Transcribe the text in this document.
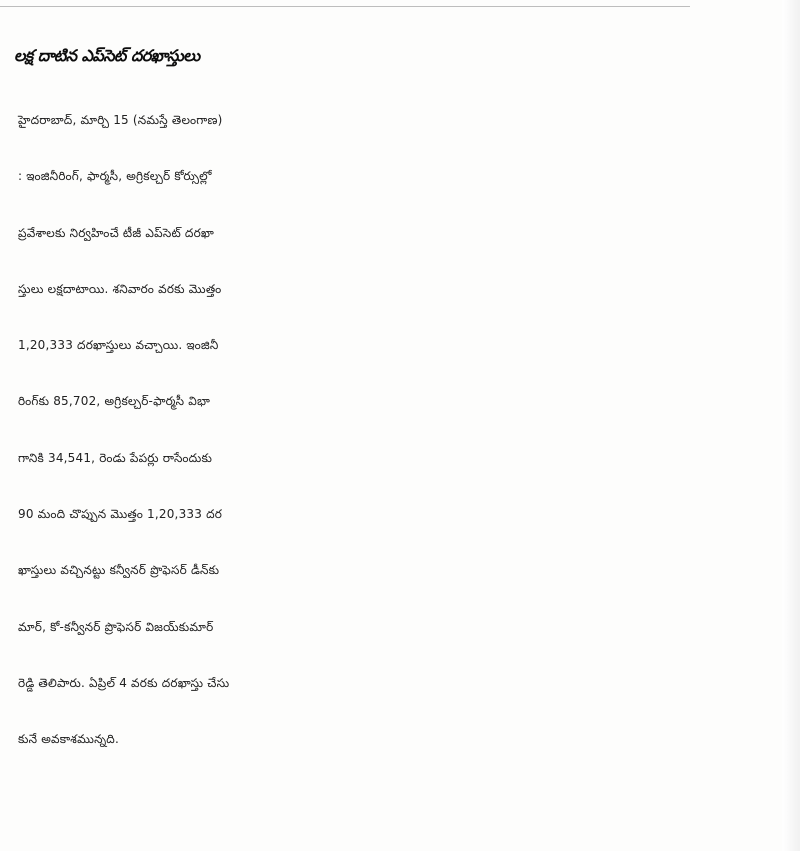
లక్ష దాటిన ఎప్‌సెట్‌ దరఖాస్తులు
హైదరాబాద్‌, మార్చి 15 (నమస్తే తెలంగాణ)
: ఇంజినీరింగ్‌, ఫార్మసీ, అగ్రికల్చర్‌ కోర్సుల్లో
ప్రవేశాలకు నిర్వహించే టీజీ ఎప్‌సెట్‌ దరఖా
స్తులు లక్షదాటాయి. శనివారం వరకు మొత్తం
1,20,333 దరఖాస్తులు వచ్చాయి. ఇంజినీ
రింగ్‌కు 85,702, అగ్రికల్చర్‌-ఫార్మసీ విభా
గానికి 34,541, రెండు పేపర్లు రాసేందుకు
90 మంది చొప్పున మొత్తం 1,20,333 దర
ఖాస్తులు వచ్చినట్టు కన్వీనర్‌ ప్రొఫెసర్‌ డీన్‌కు
మార్‌, కో-కన్వీనర్‌ ప్రొఫెసర్‌ విజయ్‌కుమార్‌
రెడ్డి తెలిపారు. ఏప్రిల్‌ 4 వరకు దరఖాస్తు చేసు
కునే అవకాశమున్నది.
